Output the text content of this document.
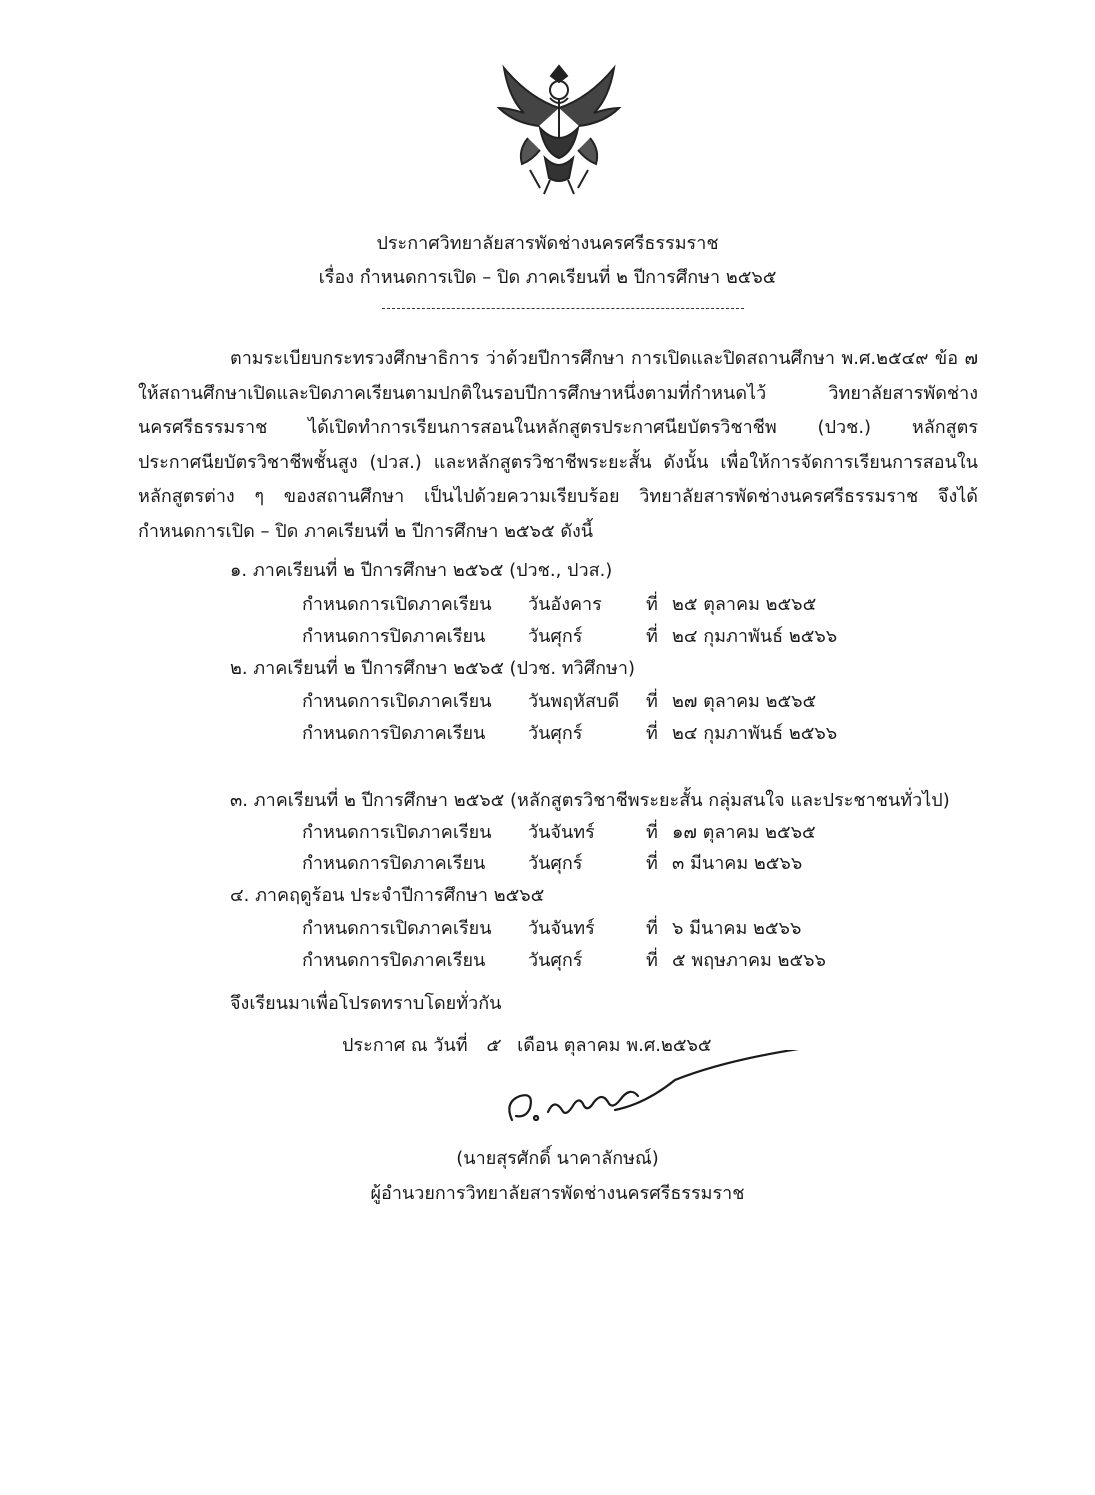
ประกาศวิทยาลัยสารพัดช่างนครศรีธรรมราช
เรื่อง กำหนดการเปิด – ปิด ภาคเรียนที่ ๒ ปีการศึกษา ๒๕๖๕
ตามระเบียบกระทรวงศึกษาธิการ ว่าด้วยปีการศึกษา การเปิดและปิดสถานศึกษา พ.ศ.๒๕๔๙ ข้อ ๗ ให้สถานศึกษาเปิดและปิดภาคเรียนตามปกติในรอบปีการศึกษาหนึ่งตามที่กำหนดไว้ วิทยาลัยสารพัดช่างนครศรีธรรมราช ได้เปิดทำการเรียนการสอนในหลักสูตรประกาศนียบัตรวิชาชีพ (ปวช.) หลักสูตรประกาศนียบัตรวิชาชีพชั้นสูง (ปวส.) และหลักสูตรวิชาชีพระยะสั้น ดังนั้น เพื่อให้การจัดการเรียนการสอนในหลักสูตรต่าง ๆ ของสถานศึกษา เป็นไปด้วยความเรียบร้อย วิทยาลัยสารพัดช่างนครศรีธรรมราช จึงได้กำหนดการเปิด – ปิด ภาคเรียนที่ ๒ ปีการศึกษา ๒๕๖๕ ดังนี้
๑. ภาคเรียนที่ ๒ ปีการศึกษา ๒๕๖๕ (ปวช., ปวส.)
กำหนดการเปิดภาคเรียน วันอังคาร ที่ ๒๕ ตุลาคม ๒๕๖๕
กำหนดการปิดภาคเรียน วันศุกร์	ที่ ๒๔ กุมภาพันธ์ ๒๕๖๖
๒. ภาคเรียนที่ ๒ ปีการศึกษา ๒๕๖๕ (ปวช. ทวิศึกษา)
กำหนดการเปิดภาคเรียน วันพฤหัสบดี ที่ ๒๗ ตุลาคม ๒๕๖๕
กำหนดการปิดภาคเรียน วันศุกร์	ที่ ๒๔ กุมภาพันธ์ ๒๕๖๖
๓. ภาคเรียนที่ ๒ ปีการศึกษา ๒๕๖๕ (หลักสูตรวิชาชีพระยะสั้น กลุ่มสนใจ และประชาชนทั่วไป)
กำหนดการเปิดภาคเรียน วันจันทร์	ที่ ๑๗ ตุลาคม ๒๕๖๕
กำหนดการปิดภาคเรียน วันศุกร์	ที่ ๓ มีนาคม ๒๕๖๖
๔. ภาคฤดูร้อน ประจำปีการศึกษา ๒๕๖๕
กำหนดการเปิดภาคเรียน วันจันทร์	ที่ ๖ มีนาคม ๒๕๖๖
กำหนดการปิดภาคเรียน วันศุกร์	ที่ ๕ พฤษภาคม ๒๕๖๖
จึงเรียนมาเพื่อโปรดทราบโดยทั่วกัน
ประกาศ ณ วันที่ ๕ เดือน ตุลาคม พ.ศ.๒๕๖๕
(นายสุรศักดิ์ นาคาลักษณ์)
ผู้อำนวยการวิทยาลัยสารพัดช่างนครศรีธรรมราช
